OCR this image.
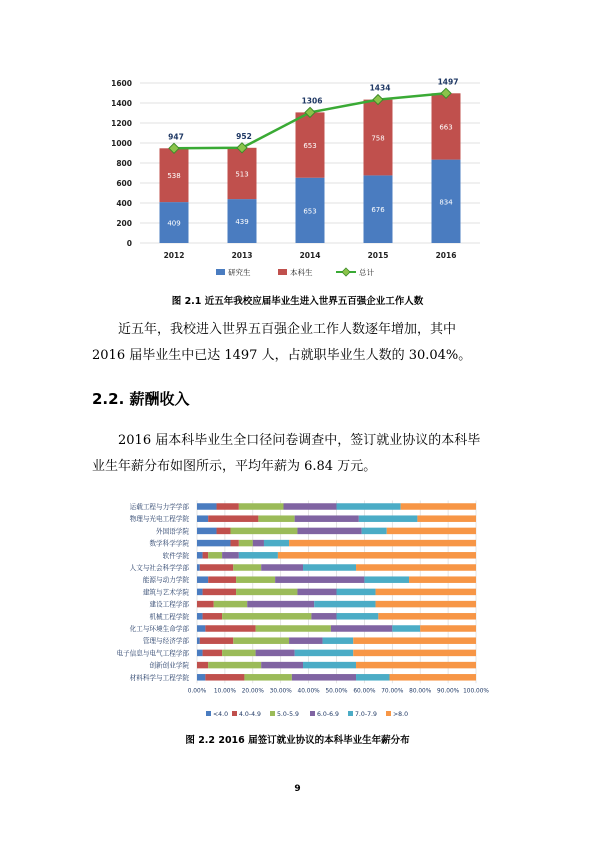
0
200
400
600
800
1000
1200
1400
1600
2012
409
538
2013
439
513
2014
653
653
2015
676
758
2016
834
663
947	952
1306
1434
1497
研究生	本科生	总计
0.00% 10.00% 20.00% 30.00% 40.00% 50.00% 60.00% 70.00% 80.00% 90.00% 100.00%
运载工程与力学学部
物理与光电工程学院
外国语学院
数学科学学院
软件学院
人文与社会科学学部
能源与动力学院
建筑与艺术学院
建设工程学部
机械工程学院
化工与环境生命学部
管理与经济学部
电子信息与电气工程学部
创新创业学院
材料科学与工程学院
<4.0 4.0-4.9	5.0-5.9	6.0-6.9	7.0-7.9	>8.0
图 2.1 近五年我校应届毕业生进入世界五百强企业工作人数

近五年，我校进入世界五百强企业工作人数逐年增加，其中

2016 届毕业生中已达 1497 人，占就职毕业生人数的 30.04%。

2.2. 薪酬收入

2016 届本科毕业生全口径问卷调查中，签订就业协议的本科毕

业生年薪分布如图所示，平均年薪为 6.84 万元。

图 2.2 2016 届签订就业协议的本科毕业生年薪分布
9
